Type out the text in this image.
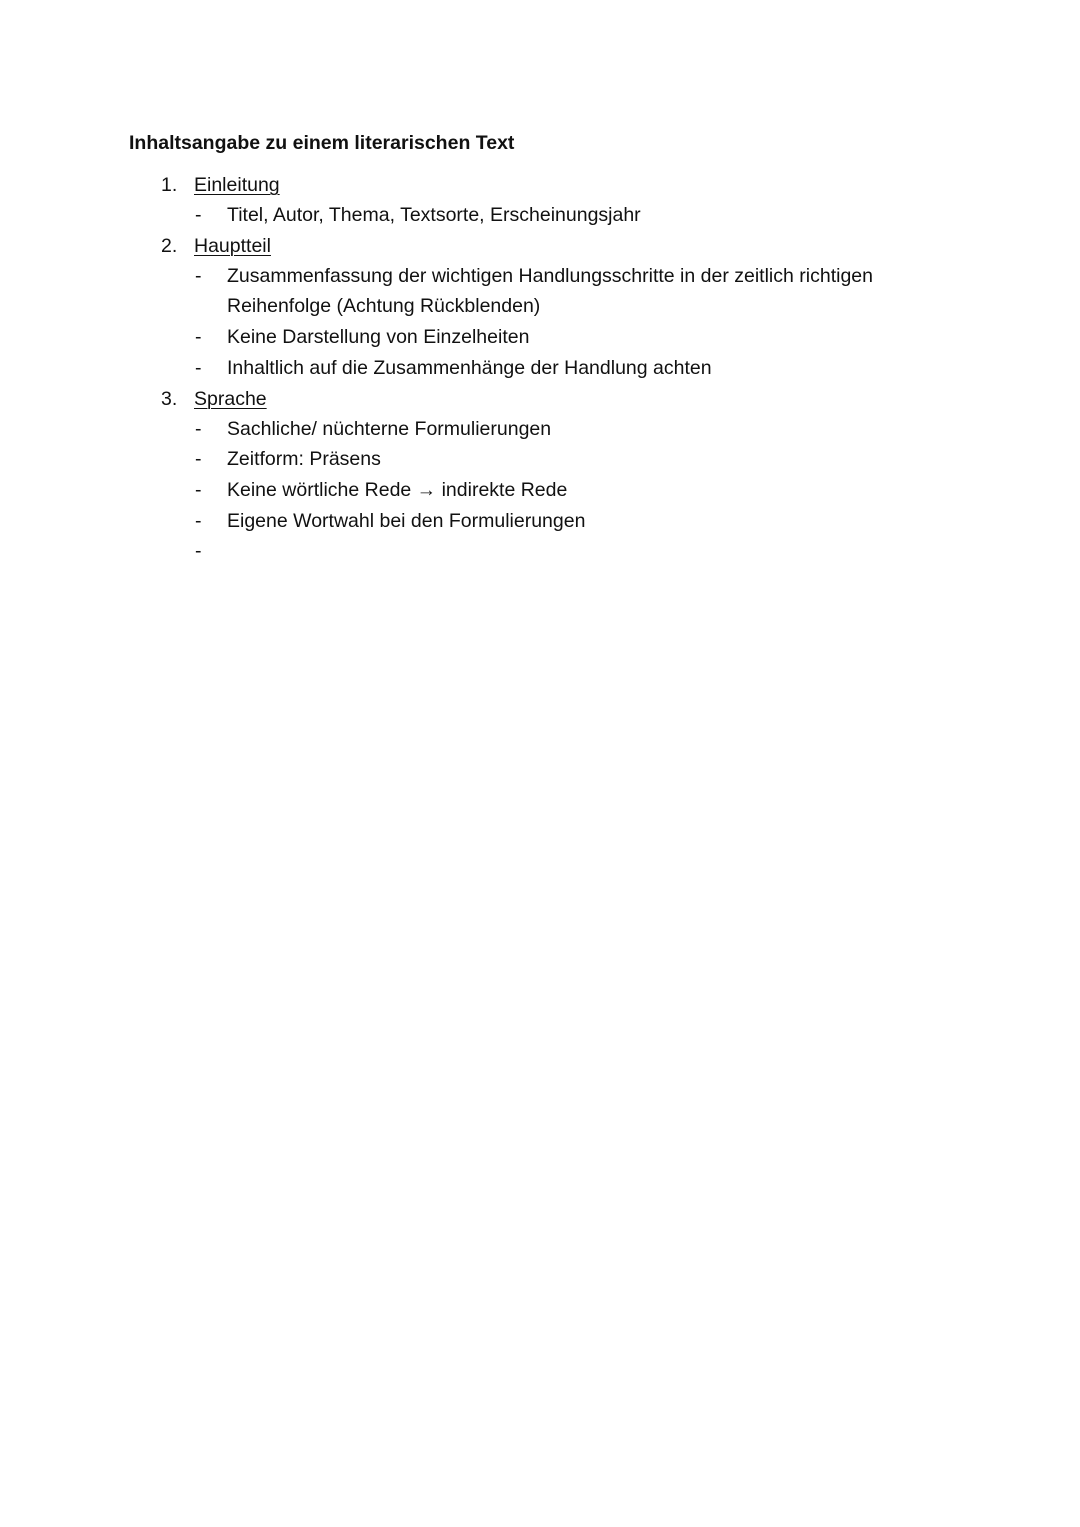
Inhaltsangabe zu einem literarischen Text
1. Einleitung
- Titel, Autor, Thema, Textsorte, Erscheinungsjahr
2. Hauptteil
- Zusammenfassung der wichtigen Handlungsschritte in der zeitlich richtigen Reihenfolge (Achtung Rückblenden)
- Keine Darstellung von Einzelheiten
- Inhaltlich auf die Zusammenhänge der Handlung achten
3. Sprache
- Sachliche/ nüchterne Formulierungen
- Zeitform: Präsens
- Keine wörtliche Rede → indirekte Rede
- Eigene Wortwahl bei den Formulierungen
-
